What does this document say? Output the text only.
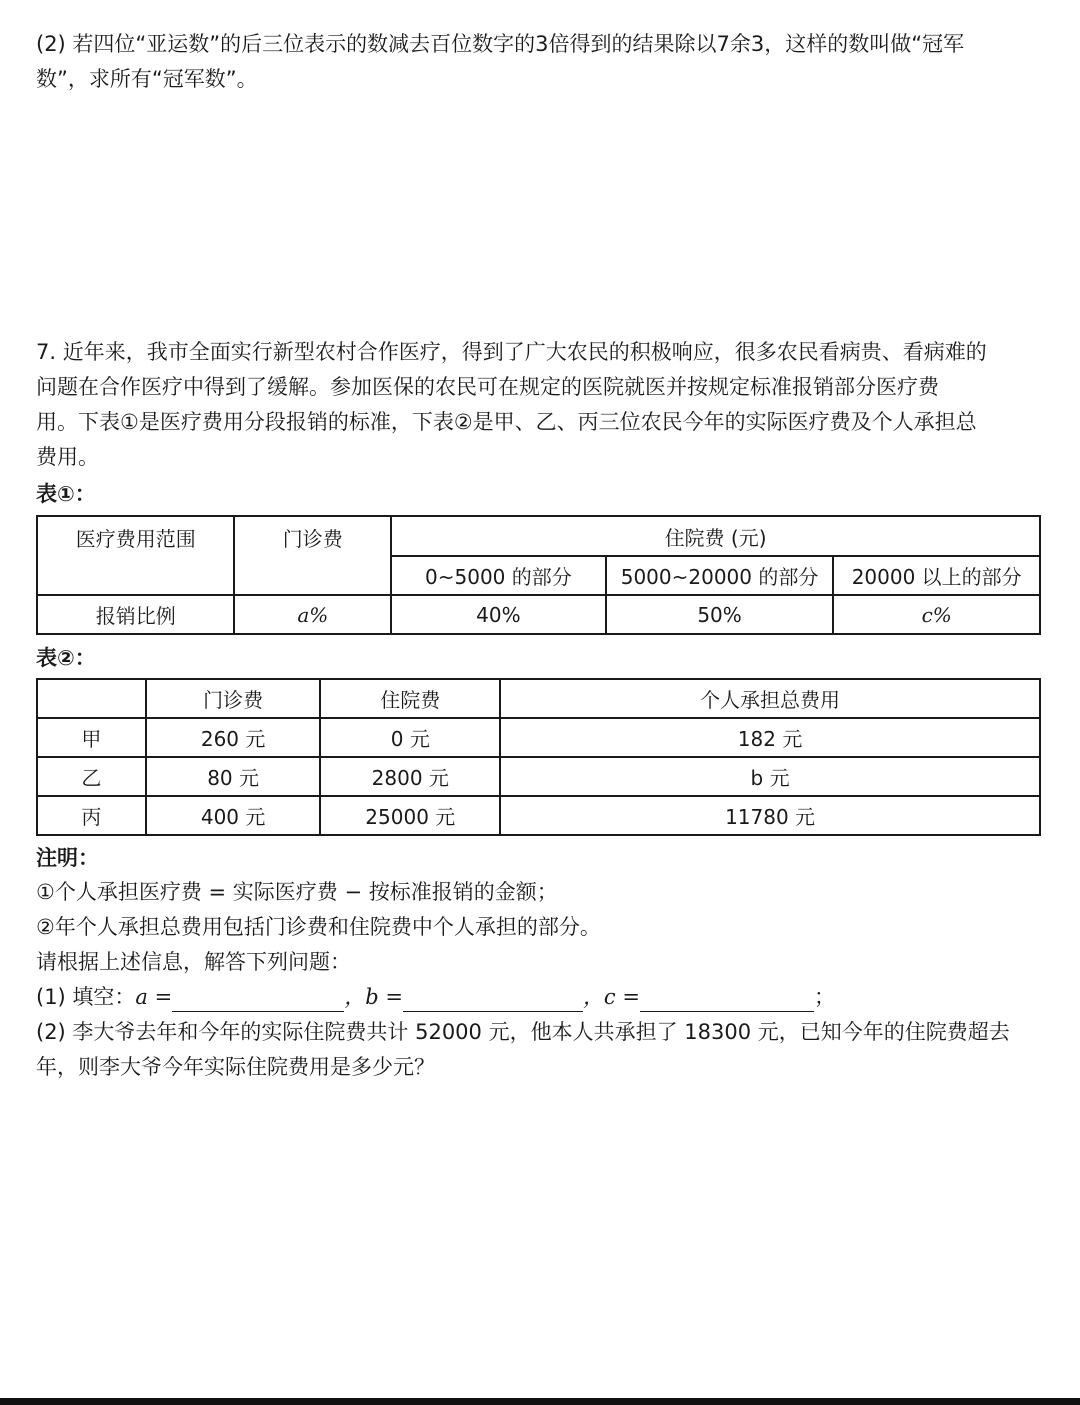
(2) 若四位“亚运数”的后三位表示的数减去百位数字的3倍得到的结果除以7余3，这样的数叫做“冠军
数”，求所有“冠军数”。
7. 近年来，我市全面实行新型农村合作医疗，得到了广大农民的积极响应，很多农民看病贵、看病难的
问题在合作医疗中得到了缓解。参加医保的农民可在规定的医院就医并按规定标准报销部分医疗费
用。下表①是医疗费用分段报销的标准，下表②是甲、乙、丙三位农民今年的实际医疗费及个人承担总
费用。
表①：
医疗费用范围	门诊费	住院费 (元)		
		0~5000 的部分	5000~20000 的部分	20000 以上的部分
报销比例	a%	40%	50%	c%
表②：
	门诊费	住院费	个人承担总费用
甲	260 元	0 元	182 元
乙	80 元	2800 元	b 元
丙	400 元	25000 元	11780 元
注明：
①个人承担医疗费 = 实际医疗费 − 按标准报销的金额；
②年个人承担总费用包括门诊费和住院费中个人承担的部分。
请根据上述信息，解答下列问题：
(1) 填空：a =	，b =	，c =	；
(2) 李大爷去年和今年的实际住院费共计 52000 元，他本人共承担了 18300 元，已知今年的住院费超去
年，则李大爷今年实际住院费用是多少元？
